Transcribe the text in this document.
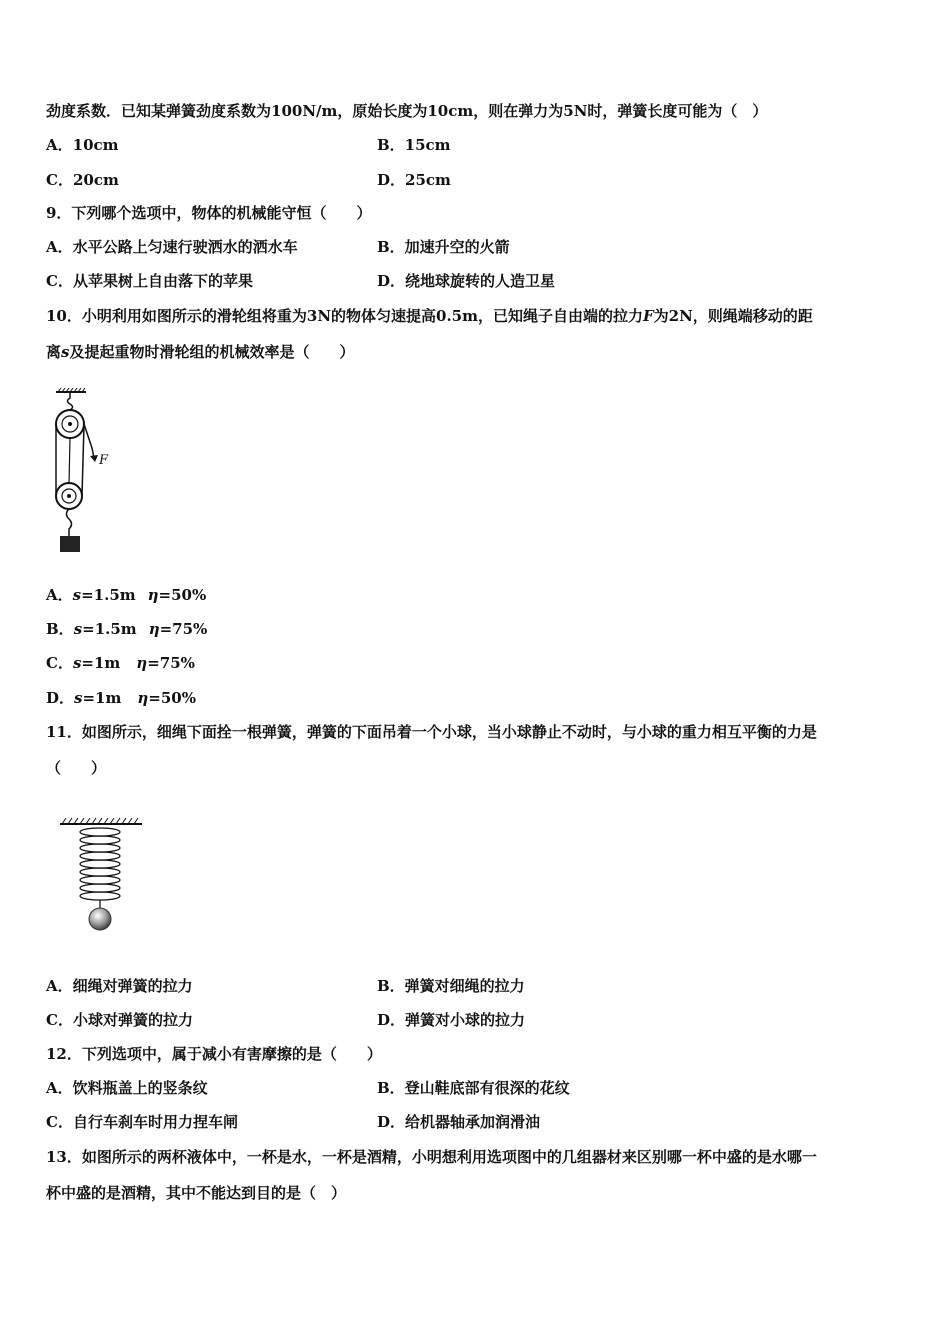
劲度系数．已知某弹簧劲度系数为100N/m，原始长度为10cm，则在弹力为5N时，弹簧长度可能为（　）
A．10cm	B．15cm
C．20cm	D．25cm
9．下列哪个选项中，物体的机械能守恒（　　）
A．水平公路上匀速行驶洒水的洒水车	B．加速升空的火箭
C．从苹果树上自由落下的苹果	D．绕地球旋转的人造卫星
10．小明利用如图所示的滑轮组将重为3N的物体匀速提高0.5m，已知绳子自由端的拉力F为2N，则绳端移动的距
离s及提起重物时滑轮组的机械效率是（　　）
F
A．s=1.5m η=50%
B．s=1.5m η=75%
C．s=1m η=75%
D．s=1m η=50%
11．如图所示，细绳下面拴一根弹簧，弹簧的下面吊着一个小球，当小球静止不动时，与小球的重力相互平衡的力是
（　　）
A．细绳对弹簧的拉力	B．弹簧对细绳的拉力
C．小球对弹簧的拉力	D．弹簧对小球的拉力
12．下列选项中，属于减小有害摩擦的是（　　）
A．饮料瓶盖上的竖条纹	B．登山鞋底部有很深的花纹
C．自行车刹车时用力捏车闸	D．给机器轴承加润滑油
13．如图所示的两杯液体中，一杯是水，一杯是酒精，小明想利用选项图中的几组器材来区别哪一杯中盛的是水哪一
杯中盛的是酒精，其中不能达到目的是（　）
